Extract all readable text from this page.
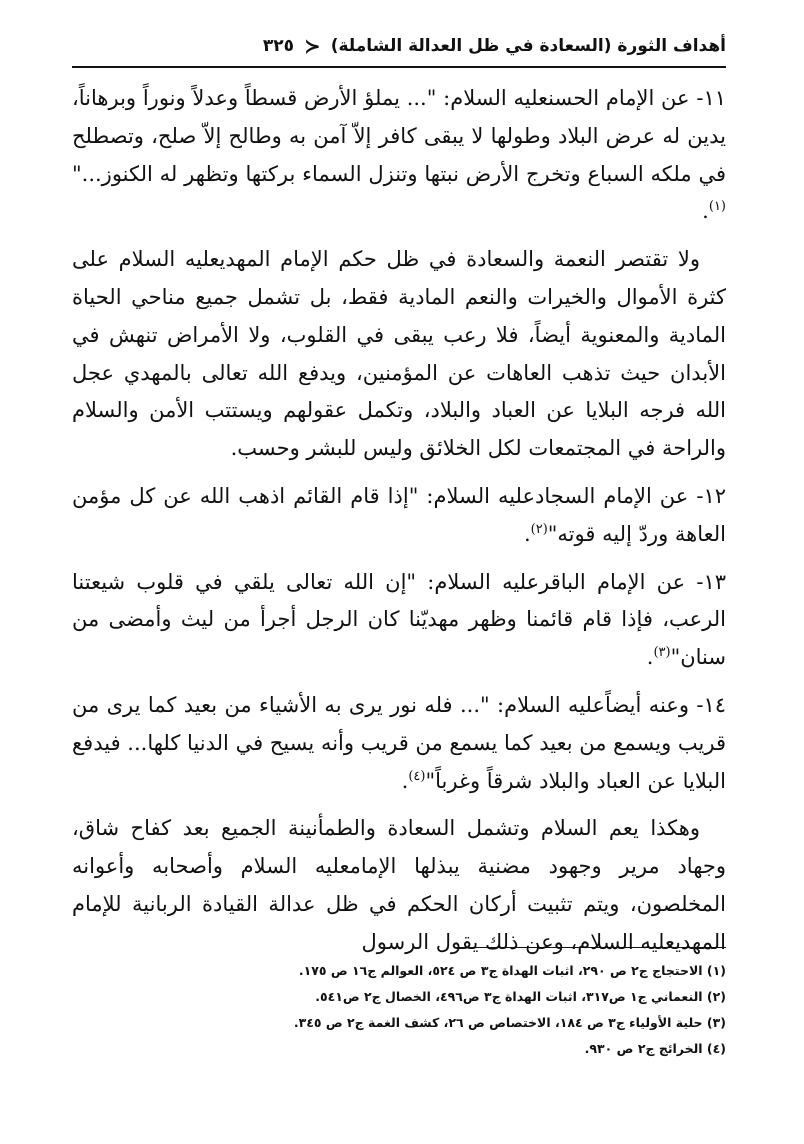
أهداف الثورة (السعادة في ظل العدالة الشاملة)
≺
٣٢٥

١١- عن الإمام الحسنعليه السلام: "... يملؤ الأرض قسطاً وعدلاً ونوراً وبرهاناً، يدين له عرض البلاد وطولها لا يبقى كافر إلاّ آمن به وطالح إلاّ صلح، وتصطلح في ملكه السباع وتخرج الأرض نبتها وتنزل السماء بركتها وتظهر له الكنوز..."$^{(١)}$.

ولا تقتصر النعمة والسعادة في ظل حكم الإمام المهديعليه السلام على كثرة الأموال والخيرات والنعم المادية فقط، بل تشمل جميع مناحي الحياة المادية والمعنوية أيضاً، فلا رعب يبقى في القلوب، ولا الأمراض تنهش في الأبدان حيث تذهب العاهات عن المؤمنين، ويدفع الله تعالى بالمهدي عجل الله فرجه البلايا عن العباد والبلاد، وتكمل عقولهم ويستتب الأمن والسلام والراحة في المجتمعات لكل الخلائق وليس للبشر وحسب.

١٢- عن الإمام السجادعليه السلام: "إذا قام القائم اذهب الله عن كل مؤمن العاهة وردّ إليه قوته"$^{(٢)}$.

١٣- عن الإمام الباقرعليه السلام: "إن الله تعالى يلقي في قلوب شيعتنا الرعب، فإذا قام قائمنا وظهر مهديّنا كان الرجل أجرأ من ليث وأمضى من سنان"$^{(٣)}$.

١٤- وعنه أيضاًعليه السلام: "... فله نور يرى به الأشياء من بعيد كما يرى من قريب ويسمع من بعيد كما يسمع من قريب وأنه يسيح في الدنيا كلها... فيدفع البلايا عن العباد والبلاد شرقاً وغرباً"$^{(٤)}$.

وهكذا يعم السلام وتشمل السعادة والطمأنينة الجميع بعد كفاح شاق، وجهاد مرير وجهود مضنية يبذلها الإمامعليه السلام وأصحابه وأعوانه المخلصون، ويتم تثبيت أركان الحكم في ظل عدالة القيادة الربانية للإمام المهديعليه السلام، وعن ذلك يقول الرسول

(١) الاحتجاج ج٢ ص ٢٩٠، اثبات الهداة ج٣ ص ٥٢٤، العوالم ج١٦ ص ١٧٥.
(٢) النعماني ج١ ص٣١٧، اثبات الهداة ج٣ ص٤٩٦، الخصال ج٢ ص٥٤١.
(٣) حلية الأولياء ج٣ ص ١٨٤، الاختصاص ص ٢٦، كشف الغمة ج٢ ص ٣٤٥.
(٤) الخرائج ج٢ ص ٩٣٠.
